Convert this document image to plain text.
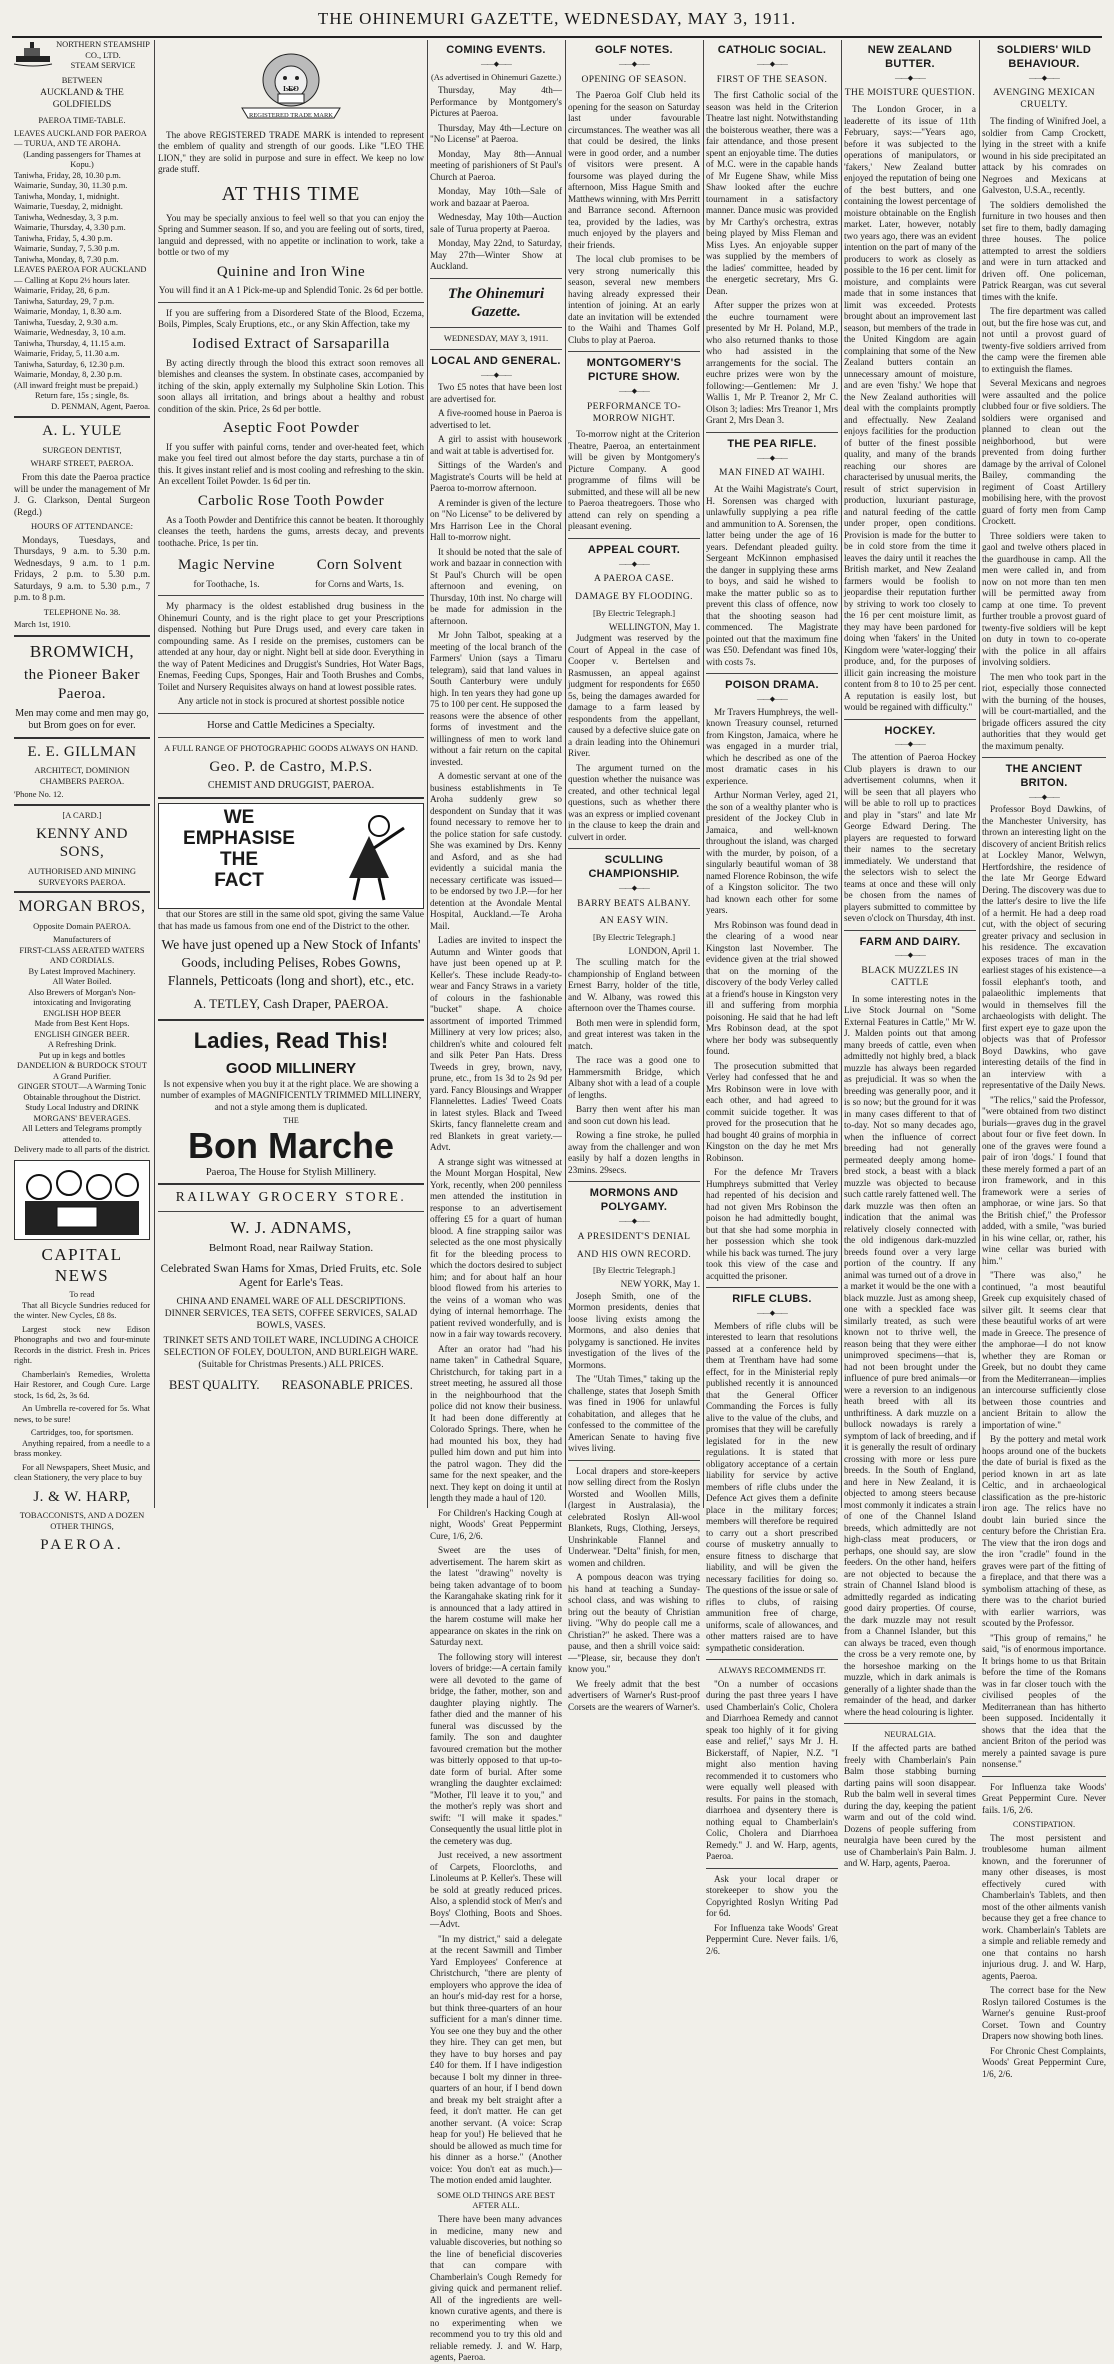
THE OHINEMURI GAZETTE, WEDNESDAY, MAY 3, 1911.
NORTHERN STEAMSHIP CO., LTD.
STEAM SERVICE
BETWEEN
AUCKLAND & THE GOLDFIELDS
PAEROA TIME-TABLE.
LEAVES AUCKLAND FOR PAEROA— TURUA, AND TE AROHA.
(Landing passengers for Thames at Kopu.)
Taniwha, Friday, 28, 10.30 p.m.
Waimarie, Sunday, 30, 11.30 p.m.
Taniwha, Monday, 1, midnight.
Waimarie, Tuesday, 2, midnight.
Taniwha, Wednesday, 3, 3 p.m.
Waimarie, Thursday, 4, 3.30 p.m.
Taniwha, Friday, 5, 4.30 p.m.
Waimarie, Sunday, 7, 5.30 p.m.
Taniwha, Monday, 8, 7.30 p.m.
LEAVES PAEROA FOR AUCKLAND— Calling at Kopu 2½ hours later.
Waimarie, Friday, 28, 6 p.m.
Taniwha, Saturday, 29, 7 p.m.
Waimarie, Monday, 1, 8.30 a.m.
Taniwha, Tuesday, 2, 9.30 a.m.
Waimarie, Wednesday, 3, 10 a.m.
Taniwha, Thursday, 4, 11.15 a.m.
Waimarie, Friday, 5, 11.30 a.m.
Taniwha, Saturday, 6, 12.30 p.m.
Waimarie, Monday, 8, 2.30 p.m.
(All inward freight must be prepaid.)
Return fare, 15s ; single, 8s.
D. PENMAN, Agent, Paeroa.
A. L. YULE
SURGEON DENTIST,
WHARF STREET, PAEROA.

From this date the Paeroa practice will be under the management of Mr J. G. Clarkson, Dental Surgeon (Regd.)

HOURS OF ATTENDANCE:

Mondays, Tuesdays, and Thursdays, 9 a.m. to 5.30 p.m. Wednesdays, 9 a.m. to 1 p.m. Fridays, 2 p.m. to 5.30 p.m. Saturdays, 9 a.m. to 5.30 p.m., 7 p.m. to 8 p.m.

TELEPHONE No. 38.
March 1st, 1910.
BROMWICH,
the Pioneer Baker Paeroa.
Men may come and men may go, but Brom goes on for ever.
E. E. GILLMAN
ARCHITECT, DOMINION CHAMBERS PAEROA.
'Phone No. 12.
[A CARD.]
KENNY AND SONS,
AUTHORISED AND MINING SURVEYORS PAEROA.
MORGAN BROS,
Opposite Domain PAEROA.
Manufacturers of
FIRST-CLASS AERATED WATERS AND CORDIALS.
By Latest Improved Machinery.
All Water Boiled.
Also Brewers of Morgan's Non-intoxicating and Invigorating
ENGLISH HOP BEER
Made from Best Kent Hops.
ENGLISH GINGER BEER.
A Refreshing Drink.
Put up in kegs and bottles
DANDELION & BURDOCK STOUT
A Grand Purifier.
GINGER STOUT—A Warming Tonic
Obtainable throughout the District.
Study Local Industry and DRINK MORGANS' BEVERAGES.
All Letters and Telegrams promptly attended to.
Delivery made to all parts of the district.
CAPITAL NEWS
To read

That all Bicycle Sundries reduced for the winter. New Cycles, £8 8s.

Largest stock new Edison Phonographs and two and four-minute Records in the district. Fresh in. Prices right.

Chamberlain's Remedies, Wroletta Hair Restorer, and Cough Cure. Large stock, 1s 6d, 2s, 3s 6d.

An Umbrella re-covered for 5s. What news, to be sure!

Cartridges, too, for sportsmen.

Anything repaired, from a needle to a brass monkey.

For all Newspapers, Sheet Music, and clean Stationery, the very place to buy

J. & W. HARP,
TOBACCONISTS, AND A DOZEN OTHER THINGS,
PAEROA.

The above REGISTERED TRADE MARK is intended to represent the emblem of quality and strength of our goods. Like "LEO THE LION," they are solid in purpose and sure in effect. We keep no low grade stuff.

AT THIS TIME

You may be specially anxious to feel well so that you can enjoy the Spring and Summer season. If so, and you are feeling out of sorts, tired, languid and depressed, with no appetite or inclination to work, take a bottle or two of my

Quinine and Iron Wine
You will find it an A 1 Pick-me-up and Splendid Tonic. 2s 6d per bottle.

If you are suffering from a Disordered State of the Blood, Eczema, Boils, Pimples, Scaly Eruptions, etc., or any Skin Affection, take my

Iodised Extract of Sarsaparilla

By acting directly through the blood this extract soon removes all blemishes and cleanses the system. In obstinate cases, accompanied by itching of the skin, apply externally my Sulpholine Skin Lotion. This soon allays all irritation, and brings about a healthy and robust condition of the skin. Price, 2s 6d per bottle.

Aseptic Foot Powder

If you suffer with painful corns, tender and over-heated feet, which make you feel tired out almost before the day starts, purchase a tin of this. It gives instant relief and is most cooling and refreshing to the skin. An excellent Toilet Powder. 1s 6d per tin.

Carbolic Rose Tooth Powder

As a Tooth Powder and Dentifrice this cannot be beaten. It thoroughly cleanses the teeth, hardens the gums, arrests decay, and prevents toothache. Price, 1s per tin.

Magic Nervine
for Toothache, 1s.
Corn Solvent
for Corns and Warts, 1s.

My pharmacy is the oldest established drug business in the Ohinemuri County, and is the right place to get your Prescriptions dispensed. Nothing but Pure Drugs used, and every care taken in compounding same. As I reside on the premises, customers can be attended at any hour, day or night. Night bell at side door. Everything in the way of Patent Medicines and Druggist's Sundries, Hot Water Bags, Enemas, Feeding Cups, Sponges, Hair and Tooth Brushes and Combs, Toilet and Nursery Requisites always on hand at lowest possible rates.

Any article not in stock is procured at shortest possible notice
Horse and Cattle Medicines a Specialty.
A FULL RANGE OF PHOTOGRAPHIC GOODS ALWAYS ON HAND.
Geo. P. de Castro, M.P.S.
CHEMIST AND DRUGGIST, PAEROA.
WE
EMPHASISE
THE
FACT

that our Stores are still in the same old spot, giving the same Value that has made us famous from one end of the District to the other.

We have just opened up a New Stock of Infants' Goods, including Pelises, Robes Gowns, Flannels, Petticoats (long and short), etc., etc.
A. TETLEY, Cash Draper, PAEROA.
Ladies, Read This!
GOOD MILLINERY

Is not expensive when you buy it at the right place. We are showing a number of examples of MAGNIFICENTLY TRIMMED MILLINERY, and not a style among them is duplicated.

THE
Bon Marche
Paeroa, The House for Stylish Millinery.
RAILWAY GROCERY STORE.
W. J. ADNAMS,
Belmont Road, near Railway Station.
Celebrated Swan Hams for Xmas, Dried Fruits, etc. Sole Agent for Earle's Teas.
CHINA AND ENAMEL WARE OF ALL DESCRIPTIONS. DINNER SERVICES, TEA SETS, COFFEE SERVICES, SALAD BOWLS, VASES.
TRINKET SETS AND TOILET WARE, INCLUDING A CHOICE SELECTION OF FOLEY, DOULTON, AND BURLEIGH WARE.
(Suitable for Christmas Presents.) ALL PRICES.
BEST QUALITY. REASONABLE PRICES.
COMING EVENTS.
—— ◆ ——
(As advertised in Ohinemuri Gazette.)

Thursday, May 4th—Performance by Montgomery's Pictures at Paeroa.

Thursday, May 4th—Lecture on "No License" at Paeroa.

Monday, May 8th—Annual meeting of parishioners of St Paul's Church at Paeroa.

Monday, May 10th—Sale of work and bazaar at Paeroa.

Wednesday, May 10th—Auction sale of Turua property at Paeroa.

Monday, May 22nd, to Saturday, May 27th—Winter Show at Auckland.

The Ohinemuri Gazette.
WEDNESDAY, MAY 3, 1911.
LOCAL AND GENERAL.
—— ◆ ——

Two £5 notes that have been lost are advertised for.

A five-roomed house in Paeroa is advertised to let.

A girl to assist with housework and wait at table is advertised for.

Sittings of the Warden's and Magistrate's Courts will be held at Paeroa to-morrow afternoon.

A reminder is given of the lecture on "No License" to be delivered by Mrs Harrison Lee in the Choral Hall to-morrow night.

It should be noted that the sale of work and bazaar in connection with St Paul's Church will be open afternoon and evening, on Thursday, 10th inst. No charge will be made for admission in the afternoon.

Mr John Talbot, speaking at a meeting of the local branch of the Farmers' Union (says a Timaru telegram), said that land values in South Canterbury were unduly high. In ten years they had gone up 75 to 100 per cent. He supposed the reasons were the absence of other forms of investment and the willingness of men to work land without a fair return on the capital invested.

A domestic servant at one of the business establishments in Te Aroha suddenly grew so despondent on Sunday that it was found necessary to remove her to the police station for safe custody. She was examined by Drs. Kenny and Asford, and as she had evidently a suicidal mania the necessary certificate was issued—to be endorsed by two J.P.—for her detention at the Avondale Mental Hospital, Auckland.—Te Aroha Mail.

Ladies are invited to inspect the Autumn and Winter goods that have just been opened up at P. Keller's. These include Ready-to-wear and Fancy Straws in a variety of colours in the fashionable "bucket" shape. A choice assortment of imported Trimmed Millinery at very low prices; also, children's white and coloured felt and silk Peter Pan Hats. Dress Tweeds in grey, brown, navy, prune, etc., from 1s 3d to 2s 9d per yard. Fancy Blousings and Wrapper Flannelettes. Ladies' Tweed Coats in latest styles. Black and Tweed Skirts, fancy flannelette cream and red Blankets in great variety.—Advt.

A strange sight was witnessed at the Mount Morgan Hospital, New York, recently, when 200 penniless men attended the institution in response to an advertisement offering £5 for a quart of human blood. A fine strapping sailor was selected as the one most physically fit for the bleeding process to which the doctors desired to subject him; and for about half an hour blood flowed from his arteries to the veins of a woman who was dying of internal hemorrhage. The patient revived wonderfully, and is now in a fair way towards recovery.

After an orator had "had his name taken" in Cathedral Square, Christchurch, for taking part in a street meeting, he assured all those in the neighbourhood that the police did not know their business. It had been done differently at Colorado Springs. There, when he had mounted his box, they had pulled him down and put him into the patrol wagon. They did the same for the next speaker, and the next. They kept on doing it until at length they made a haul of 120.

For Children's Hacking Cough at night, Woods' Great Peppermint Cure, 1/6, 2/6.

Sweet are the uses of advertisement. The harem skirt as the latest "drawing" novelty is being taken advantage of to boom the Karangahake skating rink for it is announced that a lady attired in the harem costume will make her appearance on skates in the rink on Saturday next.

The following story will interest lovers of bridge:—A certain family were all devoted to the game of bridge, the father, mother, son and daughter playing nightly. The father died and the manner of his funeral was discussed by the family. The son and daughter favoured cremation but the mother was bitterly opposed to that up-to-date form of burial. After some wrangling the daughter exclaimed: "Mother, I'll leave it to you," and the mother's reply was short and swift: "I will make it spades." Consequently the usual little plot in the cemetery was dug.

Just received, a new assortment of Carpets, Floorcloths, and Linoleums at P. Keller's. These will be sold at greatly reduced prices. Also, a splendid stock of Men's and Boys' Clothing, Boots and Shoes.—Advt.

"In my district," said a delegate at the recent Sawmill and Timber Yard Employees' Conference at Christchurch, "there are plenty of employers who approve the idea of an hour's mid-day rest for a horse, but think three-quarters of an hour sufficient for a man's dinner time. You see one they buy and the other they hire. They can get men, but they have to buy horses and pay £40 for them. If I have indigestion because I bolt my dinner in three-quarters of an hour, if I bend down and break my belt straight after a feed, it don't matter. He can get another servant. (A voice: Scrap heap for you!) He believed that he should be allowed as much time for his dinner as a horse." (Another voice: You don't eat as much.)—The motion ended amid laughter.

SOME OLD THINGS ARE BEST AFTER ALL.

There have been many advances in medicine, many new and valuable discoveries, but nothing so the line of beneficial discoveries that can compare with Chamberlain's Cough Remedy for giving quick and permanent relief. All of the ingredients are well-known curative agents, and there is no experimenting when we recommend you to try this old and reliable remedy. J. and W. Harp, agents, Paeroa.

GOLF NOTES.
—— ◆ ——
OPENING OF SEASON.

The Paeroa Golf Club held its opening for the season on Saturday last under favourable circumstances. The weather was all that could be desired, the links were in good order, and a number of visitors were present. A foursome was played during the afternoon, Miss Hague Smith and Matthews winning, with Mrs Perritt and Barrance second. Afternoon tea, provided by the ladies, was much enjoyed by the players and their friends.

The local club promises to be very strong numerically this season, several new members having already expressed their intention of joining. At an early date an invitation will be extended to the Waihi and Thames Golf Clubs to play at Paeroa.

MONTGOMERY'S PICTURE SHOW.
—— ◆ ——
PERFORMANCE TO-MORROW NIGHT.

To-morrow night at the Criterion Theatre, Paeroa, an entertainment will be given by Montgomery's Picture Company. A good programme of films will be submitted, and these will all be new to Paeroa theatregoers. Those who attend can rely on spending a pleasant evening.

APPEAL COURT.
—— ◆ ——
A PAEROA CASE.
DAMAGE BY FLOODING.
[By Electric Telegraph.]
WELLINGTON, May 1.

Judgment was reserved by the Court of Appeal in the case of Cooper v. Bertelsen and Rasmussen, an appeal against judgment for respondents for £650 5s, being the damages awarded for damage to a farm leased by respondents from the appellant, caused by a defective sluice gate on a drain leading into the Ohinemuri River.

The argument turned on the question whether the nuisance was created, and other technical legal questions, such as whether there was an express or implied covenant in the clause to keep the drain and culvert in order.

SCULLING CHAMPIONSHIP.
—— ◆ ——
BARRY BEATS ALBANY.
AN EASY WIN.
[By Electric Telegraph.]
LONDON, April 1.

The sculling match for the championship of England between Ernest Barry, holder of the title, and W. Albany, was rowed this afternoon over the Thames course.

Both men were in splendid form, and great interest was taken in the match.

The race was a good one to Hammersmith Bridge, which Albany shot with a lead of a couple of lengths.

Barry then went after his man and soon cut down his lead.

Rowing a fine stroke, he pulled away from the challenger and won easily by half a dozen lengths in 23mins. 29secs.

MORMONS AND POLYGAMY.
—— ◆ ——
A PRESIDENT'S DENIAL
AND HIS OWN RECORD.
[By Electric Telegraph.]
NEW YORK, May 1.

Joseph Smith, one of the Mormon presidents, denies that loose living exists among the Mormons, and also denies that polygamy is sanctioned. He invites investigation of the lives of the Mormons.

The "Utah Times," taking up the challenge, states that Joseph Smith was fined in 1906 for unlawful cohabitation, and alleges that he confessed to the committee of the American Senate to having five wives living.

Local drapers and store-keepers now selling direct from the Roslyn Worsted and Woollen Mills, (largest in Australasia), the celebrated Roslyn All-wool Blankets, Rugs, Clothing, Jerseys, Unshrinkable Flannel and Underwear. "Delta" finish, for men, women and children.

A pompous deacon was trying his hand at teaching a Sunday-school class, and was wishing to bring out the beauty of Christian living. "Why do people call me a Christian?" he asked. There was a pause, and then a shrill voice said:—"Please, sir, because they don't know you."

We freely admit that the best advertisers of Warner's Rust-proof Corsets are the wearers of Warner's.

CATHOLIC SOCIAL.
—— ◆ ——
FIRST OF THE SEASON.

The first Catholic social of the season was held in the Criterion Theatre last night. Notwithstanding the boisterous weather, there was a fair attendance, and those present spent an enjoyable time. The duties of M.C. were in the capable hands of Mr Eugene Shaw, while Miss Shaw looked after the euchre tournament in a satisfactory manner. Dance music was provided by Mr Carthy's orchestra, extras being played by Miss Fleman and Miss Lyes. An enjoyable supper was supplied by the members of the ladies' committee, headed by the energetic secretary, Mrs G. Dean.

After supper the prizes won at the euchre tournament were presented by Mr H. Poland, M.P., who also returned thanks to those who had assisted in the arrangements for the social. The euchre prizes were won by the following:—Gentlemen: Mr J. Wallis 1, Mr P. Treanor 2, Mr C. Olson 3; ladies: Mrs Treanor 1, Mrs Grant 2, Mrs Dean 3.

THE PEA RIFLE.
—— ◆ ——
MAN FINED AT WAIHI.

At the Waihi Magistrate's Court, H. Sorensen was charged with unlawfully supplying a pea rifle and ammunition to A. Sorensen, the latter being under the age of 16 years. Defendant pleaded guilty. Sergeant McKinnon emphasised the danger in supplying these arms to boys, and said he wished to make the matter public so as to prevent this class of offence, now that the shooting season had commenced. The Magistrate pointed out that the maximum fine was £50. Defendant was fined 10s, with costs 7s.

POISON DRAMA.
—— ◆ ——

Mr Travers Humphreys, the well-known Treasury counsel, returned from Kingston, Jamaica, where he was engaged in a murder trial, which he described as one of the most dramatic cases in his experience.

Arthur Norman Verley, aged 21, the son of a wealthy planter who is president of the Jockey Club in Jamaica, and well-known throughout the island, was charged with the murder, by poison, of a singularly beautiful woman of 38 named Florence Robinson, the wife of a Kingston solicitor. The two had known each other for some years.

Mrs Robinson was found dead in the clearing of a wood near Kingston last November. The evidence given at the trial showed that on the morning of the discovery of the body Verley called at a friend's house in Kingston very ill and suffering from morphia poisoning. He said that he had left Mrs Robinson dead, at the spot where her body was subsequently found.

The prosecution submitted that Verley had confessed that he and Mrs Robinson were in love with each other, and had agreed to commit suicide together. It was proved for the prosecution that he had bought 40 grains of morphia in Kingston on the day he met Mrs Robinson.

For the defence Mr Travers Humphreys submitted that Verley had repented of his decision and had not given Mrs Robinson the poison he had admittedly bought, but that she had some morphia in her possession which she took while his back was turned. The jury took this view of the case and acquitted the prisoner.

RIFLE CLUBS.
—— ◆ ——

Members of rifle clubs will be interested to learn that resolutions passed at a conference held by them at Trentham have had some effect, for in the Ministerial reply published recently it is announced that the General Officer Commanding the Forces is fully alive to the value of the clubs, and promises that they will be carefully legislated for in the new regulations. It is stated that obligatory acceptance of a certain liability for service by active members of rifle clubs under the Defence Act gives them a definite place in the military forces; members will therefore be required to carry out a short prescribed course of musketry annually to ensure fitness to discharge that liability, and will be given the necessary facilities for doing so. The questions of the issue or sale of rifles to clubs, of raising ammunition free of charge, uniforms, scale of allowances, and other matters raised are to have sympathetic consideration.

ALWAYS RECOMMENDS IT.

"On a number of occasions during the past three years I have used Chamberlain's Colic, Cholera and Diarrhoea Remedy and cannot speak too highly of it for giving ease and relief," says Mr J. H. Bickerstaff, of Napier, N.Z. "I might also mention having recommended it to customers who were equally well pleased with results. For pains in the stomach, diarrhoea and dysentery there is nothing equal to Chamberlain's Colic, Cholera and Diarrhoea Remedy." J. and W. Harp, agents, Paeroa.

Ask your local draper or storekeeper to show you the Copyrighted Roslyn Writing Pad for 6d.

For Influenza take Woods' Great Peppermint Cure. Never fails. 1/6, 2/6.

NEW ZEALAND BUTTER.
—— ◆ ——
THE MOISTURE QUESTION.

The London Grocer, in a leaderette of its issue of 11th February, says:—"Years ago, before it was subjected to the operations of manipulators, or 'fakers,' New Zealand butter enjoyed the reputation of being one of the best butters, and one containing the lowest percentage of moisture obtainable on the English market. Later, however, notably two years ago, there was an evident intention on the part of many of the producers to work as closely as possible to the 16 per cent. limit for moisture, and complaints were made that in some instances that limit was exceeded. Protests brought about an improvement last season, but members of the trade in the United Kingdom are again complaining that some of the New Zealand butters contain an unnecessary amount of moisture, and are even 'fishy.' We hope that the New Zealand authorities will deal with the complaints promptly and effectually. New Zealand enjoys facilities for the production of butter of the finest possible quality, and many of the brands reaching our shores are characterised by unusual merits, the result of strict supervision in production, luxuriant pasturage, and natural feeding of the cattle under proper, open conditions. Provision is made for the butter to be in cold store from the time it leaves the dairy until it reaches the British market, and New Zealand farmers would be foolish to jeopardise their reputation further by striving to work too closely to the 16 per cent moisture limit, as they may have been pardoned for doing when 'fakers' in the United Kingdom were 'water-logging' their produce, and, for the purposes of illicit gain increasing the moisture content from 8 to 10 to 25 per cent. A reputation is easily lost, but would be regained with difficulty."

HOCKEY.
—— ◆ ——

The attention of Paeroa Hockey Club players is drawn to our advertisement columns, when it will be seen that all players who will be able to roll up to practices and play in "stars" and late Mr George Edward Dering. The players are requested to forward their names to the secretary immediately. We understand that the selectors wish to select the teams at once and these will only be chosen from the names of players submitted to committee by seven o'clock on Thursday, 4th inst.

FARM AND DAIRY.
—— ◆ ——
BLACK MUZZLES IN CATTLE

In some interesting notes in the Live Stock Journal on "Some External Features in Cattle," Mr W. J. Malden points out that among many breeds of cattle, even when admittedly not highly bred, a black muzzle has always been regarded as prejudicial. It was so when the breeding was generally poor, and it is so now; but the ground for it was in many cases different to that of to-day. Not so many decades ago, when the influence of correct breeding had not generally permeated deeply among home-bred stock, a beast with a black muzzle was objected to because such cattle rarely fattened well. The dark muzzle was then often an indication that the animal was relatively closely connected with the old indigenous dark-muzzled breeds found over a very large portion of the country. If any animal was turned out of a drove in a market it would be the one with a black muzzle. Just as among sheep, one with a speckled face was similarly treated, as such were known not to thrive well, the reason being that they were either unimproved specimens—that is, had not been brought under the influence of pure bred animals—or were a reversion to an indigenous heath breed with all its unthriftiness. A dark muzzle on a bullock nowadays is rarely a symptom of lack of breeding, and if it is generally the result of ordinary crossing with more or less pure breeds. In the South of England, and here in New Zealand, it is objected to among steers because most commonly it indicates a strain of one of the Channel Island breeds, which admittedly are not high-class meat producers, or perhaps, one should say, are slow feeders. On the other hand, heifers are not objected to because the strain of Channel Island blood is admittedly regarded as indicating good dairy properties. Of course, the dark muzzle may not result from a Channel Islander, but this can always be traced, even though the cross be a very remote one, by the horseshoe marking on the muzzle, which in dark animals is generally of a lighter shade than the remainder of the head, and darker where the head colouring is lighter.

NEURALGIA.

If the affected parts are bathed freely with Chamberlain's Pain Balm those stabbing burning darting pains will soon disappear. Rub the balm well in several times during the day, keeping the patient warm and out of the cold wind. Dozens of people suffering from neuralgia have been cured by the use of Chamberlain's Pain Balm. J. and W. Harp, agents, Paeroa.

SOLDIERS' WILD BEHAVIOUR.
—— ◆ ——
AVENGING MEXICAN CRUELTY.

The finding of Winifred Joel, a soldier from Camp Crockett, lying in the street with a knife wound in his side precipitated an attack by his comrades on Negroes and Mexicans at Galveston, U.S.A., recently.

The soldiers demolished the furniture in two houses and then set fire to them, badly damaging three houses. The police attempted to arrest the soldiers and were in turn attacked and driven off. One policeman, Patrick Reargan, was cut several times with the knife.

The fire department was called out, but the fire hose was cut, and not until a provost guard of twenty-five soldiers arrived from the camp were the firemen able to extinguish the flames.

Several Mexicans and negroes were assaulted and the police clubbed four or five soldiers. The soldiers were organised and planned to clean out the neighborhood, but were prevented from doing further damage by the arrival of Colonel Bailey, commanding the regiment of Coast Artillery mobilising here, with the provost guard of forty men from Camp Crockett.

Three soldiers were taken to gaol and twelve others placed in the guardhouse in camp. All the men were called in, and from now on not more than ten men will be permitted away from camp at one time. To prevent further trouble a provost guard of twenty-five soldiers will be kept on duty in town to co-operate with the police in all affairs involving soldiers.

The men who took part in the riot, especially those connected with the burning of the houses, will be court-martialled, and the brigade officers assured the city authorities that they would get the maximum penalty.

THE ANCIENT BRITON.
—— ◆ ——

Professor Boyd Dawkins, of the Manchester University, has thrown an interesting light on the discovery of ancient British relics at Lockley Manor, Welwyn, Hertfordshire, the residence of the late Mr George Edward Dering. The discovery was due to the latter's desire to live the life of a hermit. He had a deep road cut, with the object of securing greater privacy and seclusion in his residence. The excavation exposes traces of man in the earliest stages of his existence—a fossil elephant's tooth, and palaeolithic implements that would in themselves fill the archaeologists with delight. The first expert eye to gaze upon the objects was that of Professor Boyd Dawkins, who gave interesting details of the find in an interview with a representative of the Daily News.

"The relics," said the Professor, "were obtained from two distinct burials—graves dug in the gravel about four or five feet down. In one of the graves were found a pair of iron 'dogs.' I found that these merely formed a part of an iron framework, and in this framework were a series of amphorae, or wine jars. So that the British chief," the Professor added, with a smile, "was buried in his wine cellar, or, rather, his wine cellar was buried with him."

"There was also," he continued, "a most beautiful Greek cup exquisitely chased of silver gilt. It seems clear that these beautiful works of art were made in Greece. The presence of the amphorae—I do not know whether they are Roman or Greek, but no doubt they came from the Mediterranean—implies an intercourse sufficiently close between those countries and ancient Britain to allow the importation of wine."

By the pottery and metal work hoops around one of the buckets the date of burial is fixed as the period known in art as late Celtic, and in archaeological classification as the pre-historic iron age. The relics have no doubt lain buried since the century before the Christian Era. The view that the iron dogs and the iron "cradle" found in the graves were part of the fitting of a fireplace, and that there was a symbolism attaching of these, as there was to the chariot buried with earlier warriors, was scouted by the Professor.

"This group of remains," he said, "is of enormous importance. It brings home to us that Britain before the time of the Romans was in far closer touch with the civilised peoples of the Mediterranean than has hitherto been supposed. Incidentally it shows that the idea that the ancient Briton of the period was merely a painted savage is pure nonsense."

For Influenza take Woods' Great Peppermint Cure. Never fails. 1/6, 2/6.

CONSTIPATION.

The most persistent and troublesome human ailment known, and the forerunner of many other diseases, is most effectively cured with Chamberlain's Tablets, and then most of the other ailments vanish because they get a free chance to work. Chamberlain's Tablets are a simple and reliable remedy and one that contains no harsh injurious drug. J. and W. Harp, agents, Paeroa.

The correct base for the New Roslyn tailored Costumes is the Warner's genuine Rust-proof Corset. Town and Country Drapers now showing both lines.

For Chronic Chest Complaints, Woods' Great Peppermint Cure, 1/6, 2/6.
